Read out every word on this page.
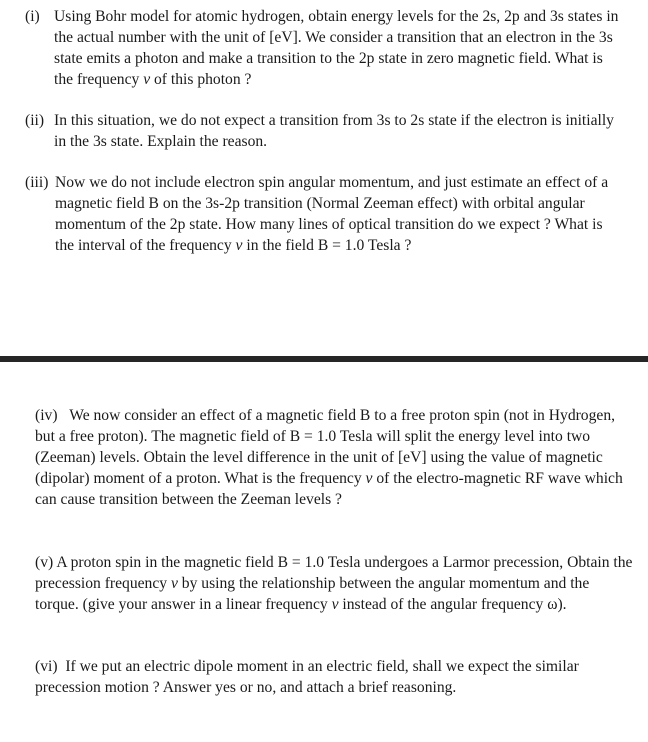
(i) Using Bohr model for atomic hydrogen, obtain energy levels for the 2s, 2p and 3s states in the actual number with the unit of [eV]. We consider a transition that an electron in the 3s state emits a photon and make a transition to the 2p state in zero magnetic field. What is the frequency v of this photon ?
(ii) In this situation, we do not expect a transition from 3s to 2s state if the electron is initially in the 3s state. Explain the reason.
(iii) Now we do not include electron spin angular momentum, and just estimate an effect of a magnetic field B on the 3s-2p transition (Normal Zeeman effect) with orbital angular momentum of the 2p state. How many lines of optical transition do we expect ? What is the interval of the frequency v in the field B = 1.0 Tesla ?
(iv) We now consider an effect of a magnetic field B to a free proton spin (not in Hydrogen, but a free proton). The magnetic field of B = 1.0 Tesla will split the energy level into two (Zeeman) levels. Obtain the level difference in the unit of [eV] using the value of magnetic (dipolar) moment of a proton. What is the frequency v of the electro-magnetic RF wave which can cause transition between the Zeeman levels ?
(v)  A proton spin in the magnetic field B = 1.0 Tesla undergoes a Larmor precession, Obtain the precession frequency v by using the relationship between the angular momentum and the torque. (give your answer in a linear frequency v instead of the angular frequency ω).
(vi) If we put an electric dipole moment in an electric field, shall we expect the similar precession motion ? Answer yes or no, and attach a brief reasoning.
